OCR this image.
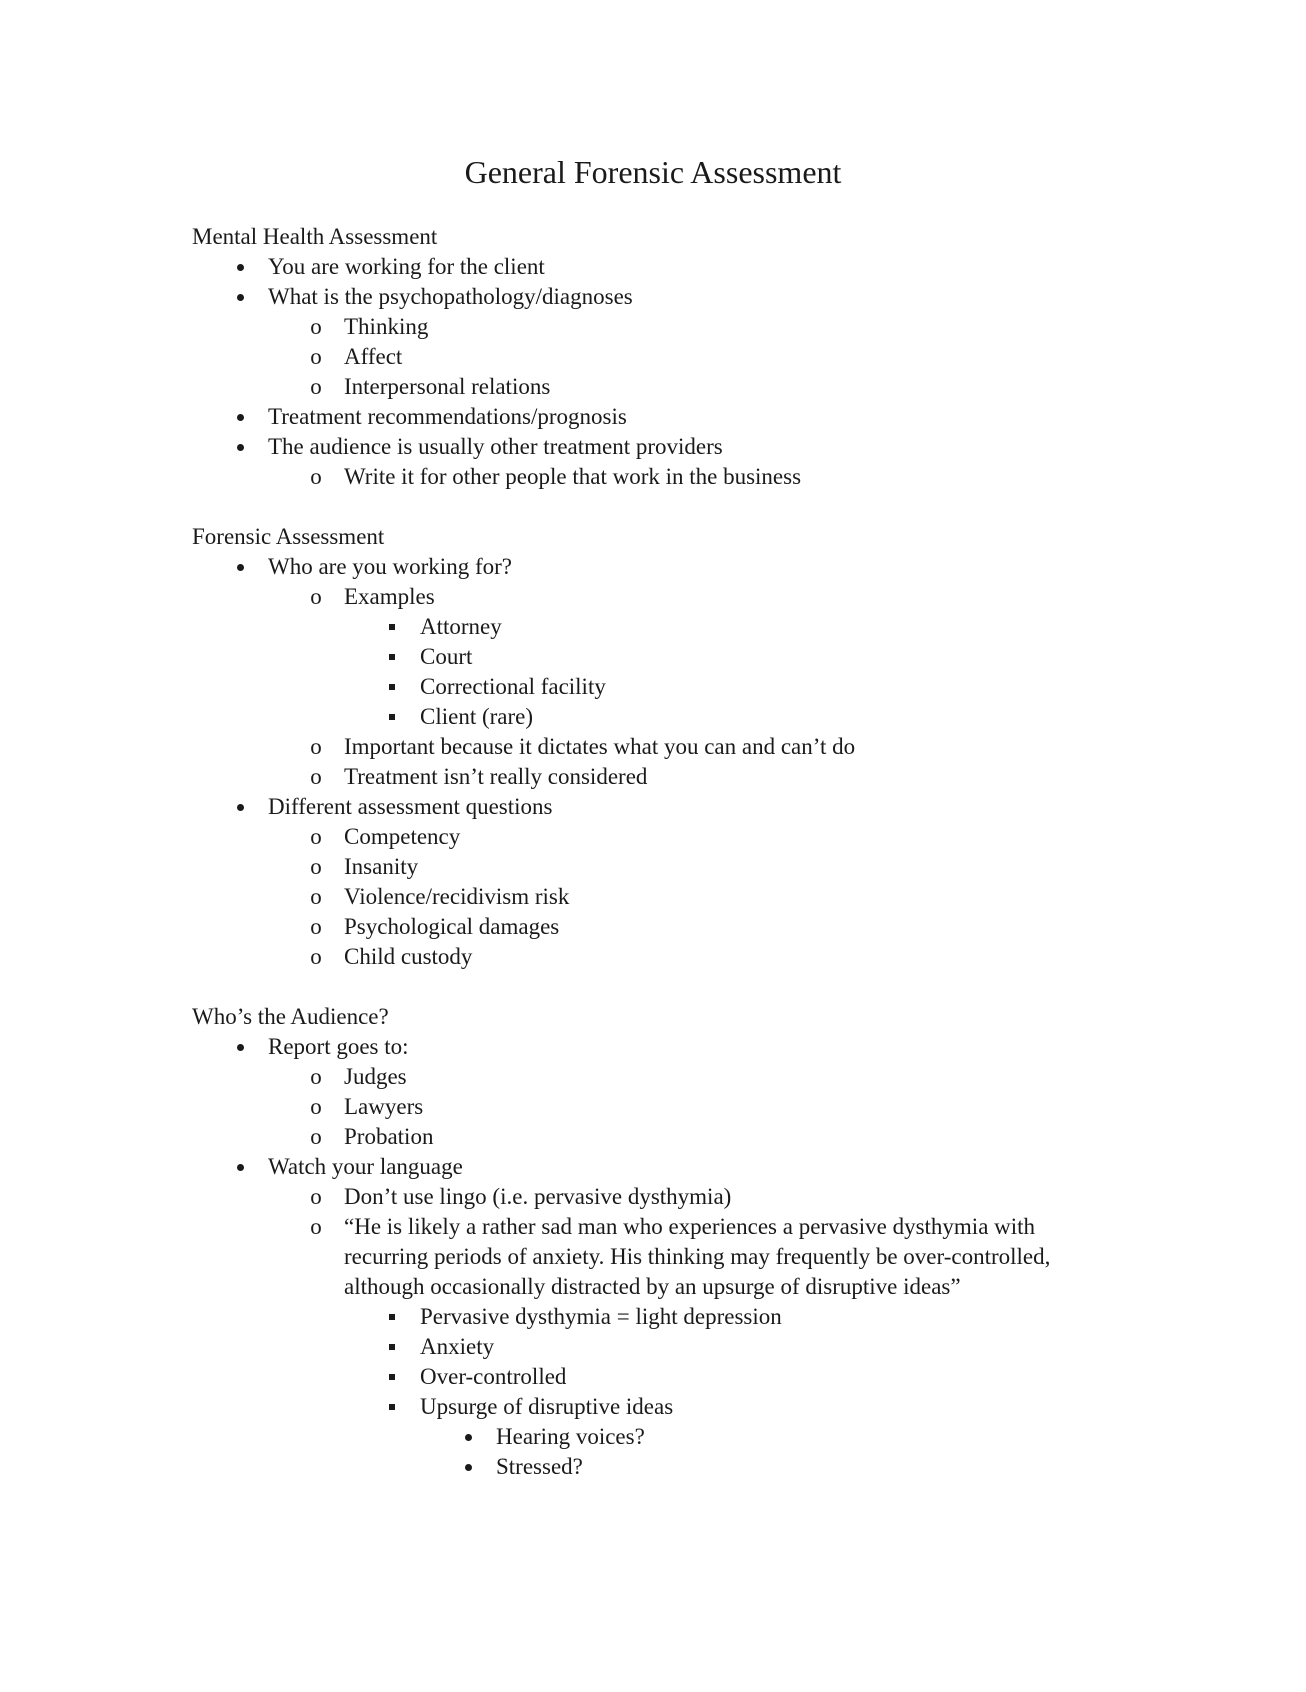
General Forensic Assessment
Mental Health Assessment
You are working for the client
What is the psychopathology/diagnoses
o Thinking
o Affect
o Interpersonal relations
Treatment recommendations/prognosis
The audience is usually other treatment providers
o Write it for other people that work in the business
Forensic Assessment
Who are you working for?
o Examples
Attorney
Court
Correctional facility
Client (rare)
o Important because it dictates what you can and can’t do
o Treatment isn’t really considered
Different assessment questions
o Competency
o Insanity
o Violence/recidivism risk
o Psychological damages
o Child custody
Who’s the Audience?
Report goes to:
o Judges
o Lawyers
o Probation
Watch your language
o Don’t use lingo (i.e. pervasive dysthymia)
o “He is likely a rather sad man who experiences a pervasive dysthymia with recurring periods of anxiety. His thinking may frequently be over-controlled, although occasionally distracted by an upsurge of disruptive ideas”
Pervasive dysthymia = light depression
Anxiety
Over-controlled
Upsurge of disruptive ideas
Hearing voices?
Stressed?
